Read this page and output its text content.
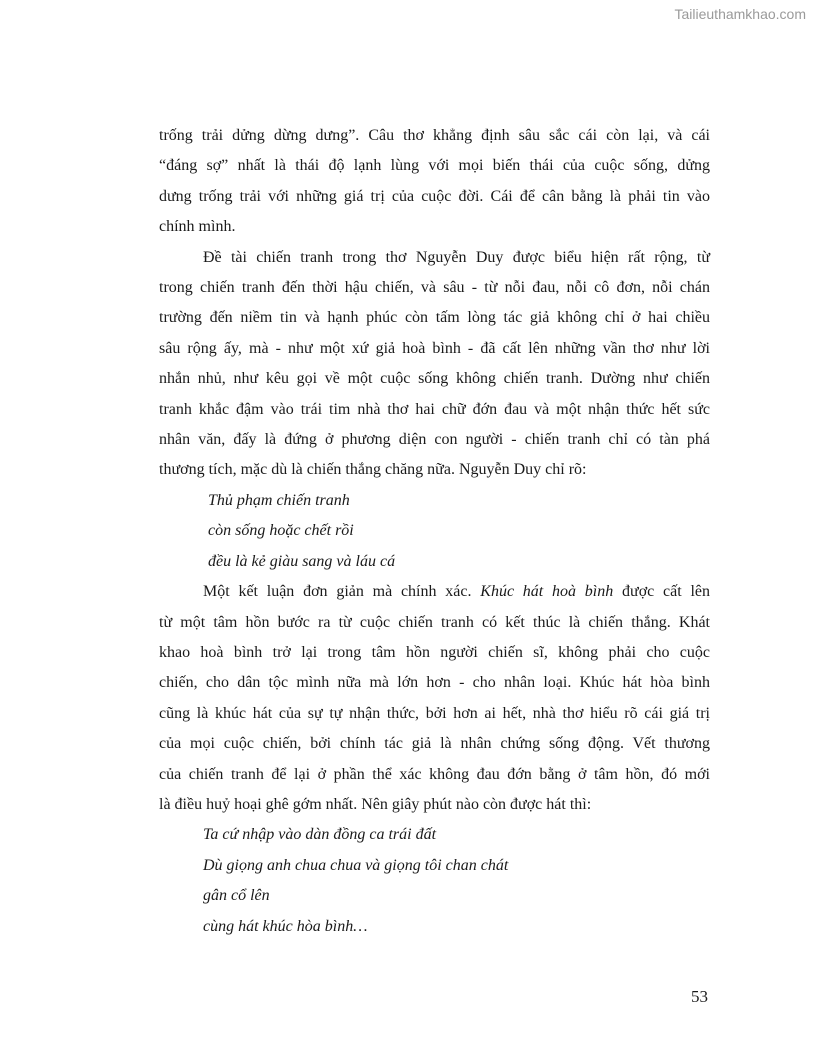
Tailieuthamkhao.com

trống trải dửng dừng dưng”. Câu thơ khẳng định sâu sắc cái còn lại, và cái
“đáng sợ” nhất là thái độ lạnh lùng với mọi biến thái của cuộc sống, dửng
dưng trống trải với những giá trị của cuộc đời. Cái để cân bằng là phải tin vào
chính mình.

Đề tài chiến tranh trong thơ Nguyễn Duy được biểu hiện rất rộng, từ
trong chiến tranh đến thời hậu chiến, và sâu - từ nỗi đau, nỗi cô đơn, nỗi chán
trường đến niềm tin và hạnh phúc còn tấm lòng tác giả không chỉ ở hai chiều
sâu rộng ấy, mà - như một xứ giả hoà bình - đã cất lên những vần thơ như lời
nhắn nhủ, như kêu gọi về một cuộc sống không chiến tranh. Dường như chiến
tranh khắc đậm vào trái tim nhà thơ hai chữ đớn đau và một nhận thức hết sức
nhân văn, đấy là đứng ở phương diện con người - chiến tranh chỉ có tàn phá
thương tích, mặc dù là chiến thắng chăng nữa. Nguyễn Duy chỉ rõ:

Thủ phạm chiến tranh
còn sống hoặc chết rồi
đều là kẻ giàu sang và láu cá

Một kết luận đơn giản mà chính xác. Khúc hát hoà bình được cất lên
từ một tâm hồn bước ra từ cuộc chiến tranh có kết thúc là chiến thắng. Khát
khao hoà bình trở lại trong tâm hồn người chiến sĩ, không phải cho cuộc
chiến, cho dân tộc mình nữa mà lớn hơn - cho nhân loại. Khúc hát hòa bình
cũng là khúc hát của sự tự nhận thức, bởi hơn ai hết, nhà thơ hiểu rõ cái giá trị
của mọi cuộc chiến, bởi chính tác giả là nhân chứng sống động. Vết thương
của chiến tranh để lại ở phần thể xác không đau đớn bằng ở tâm hồn, đó mới
là điều huỷ hoại ghê gớm nhất. Nên giây phút nào còn được hát thì:

Ta cứ nhập vào dàn đồng ca trái đất
Dù giọng anh chua chua và giọng tôi chan chát
gân cổ lên
cùng hát khúc hòa bình…
53
